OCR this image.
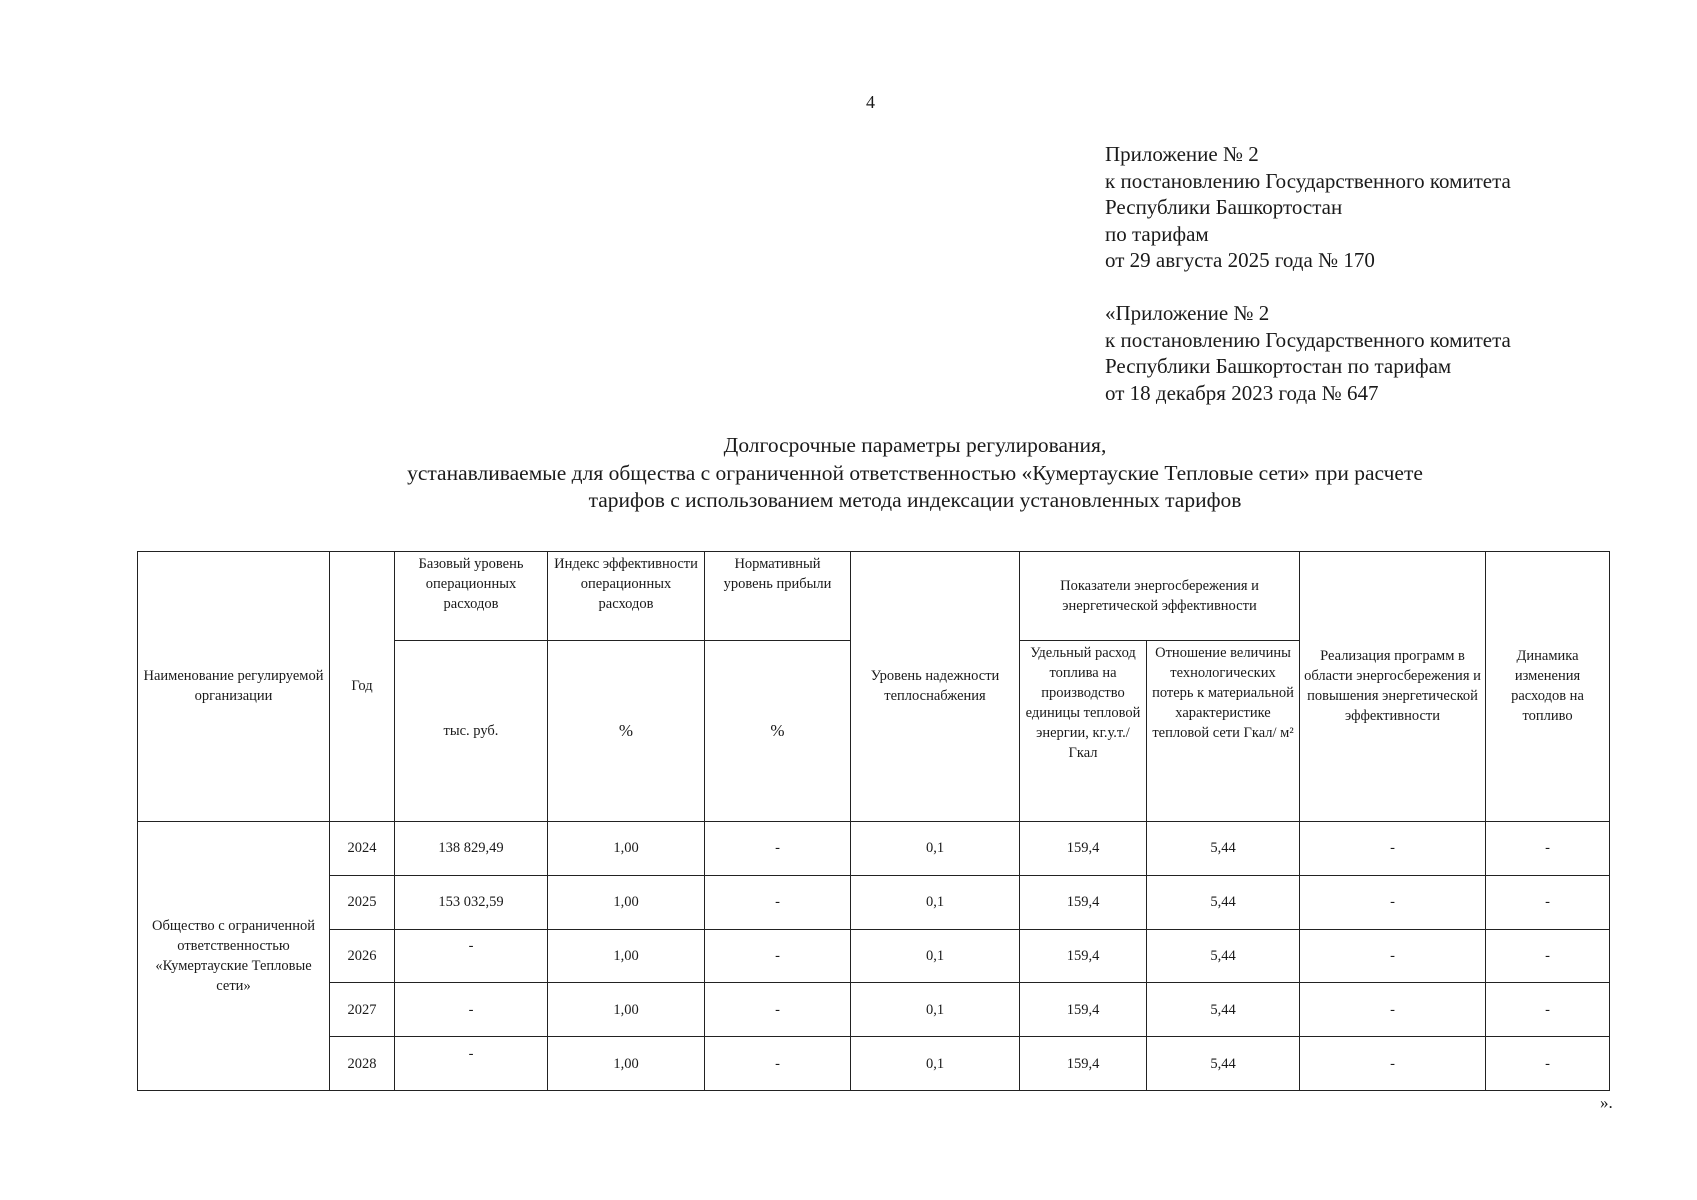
4
Приложение № 2
к постановлению Государственного комитета
Республики Башкортостан
по тарифам
от 29 августа 2025 года № 170
«Приложение № 2
к постановлению Государственного комитета
Республики Башкортостан по тарифам
от 18 декабря 2023 года № 647
Долгосрочные параметры регулирования,
устанавливаемые для общества с ограниченной ответственностью «Кумертауские Тепловые сети» при расчете
тарифов с использованием метода индексации установленных тарифов
Наименование регулируемой организации	Год	Базовый уровень операционных расходов	Индекс эффективности операционных расходов	Нормативный уровень прибыли	Уровень надежности теплоснабжения	Показатели энергосбережения и энергетической эффективности		Реализация программ в области энергосбережения и повышения энергетической эффективности	Динамика изменения расходов на топливо
		тыс. руб.	%	%		Удельный расход топлива на производство единицы тепловой энергии, кг.у.т./Гкал	Отношение величины технологических потерь к материальной характеристике тепловой сети Гкал/ м²		
Общество с ограниченной ответственностью «Кумертауские Тепловые сети»	2024	138 829,49	1,00	-	0,1	159,4	5,44	-	-
	2025	153 032,59	1,00	-	0,1	159,4	5,44	-	-
	2026	-	1,00	-	0,1	159,4	5,44	-	-
	2027	-	1,00	-	0,1	159,4	5,44	-	-
	2028	-	1,00	-	0,1	159,4	5,44	-	-
».
